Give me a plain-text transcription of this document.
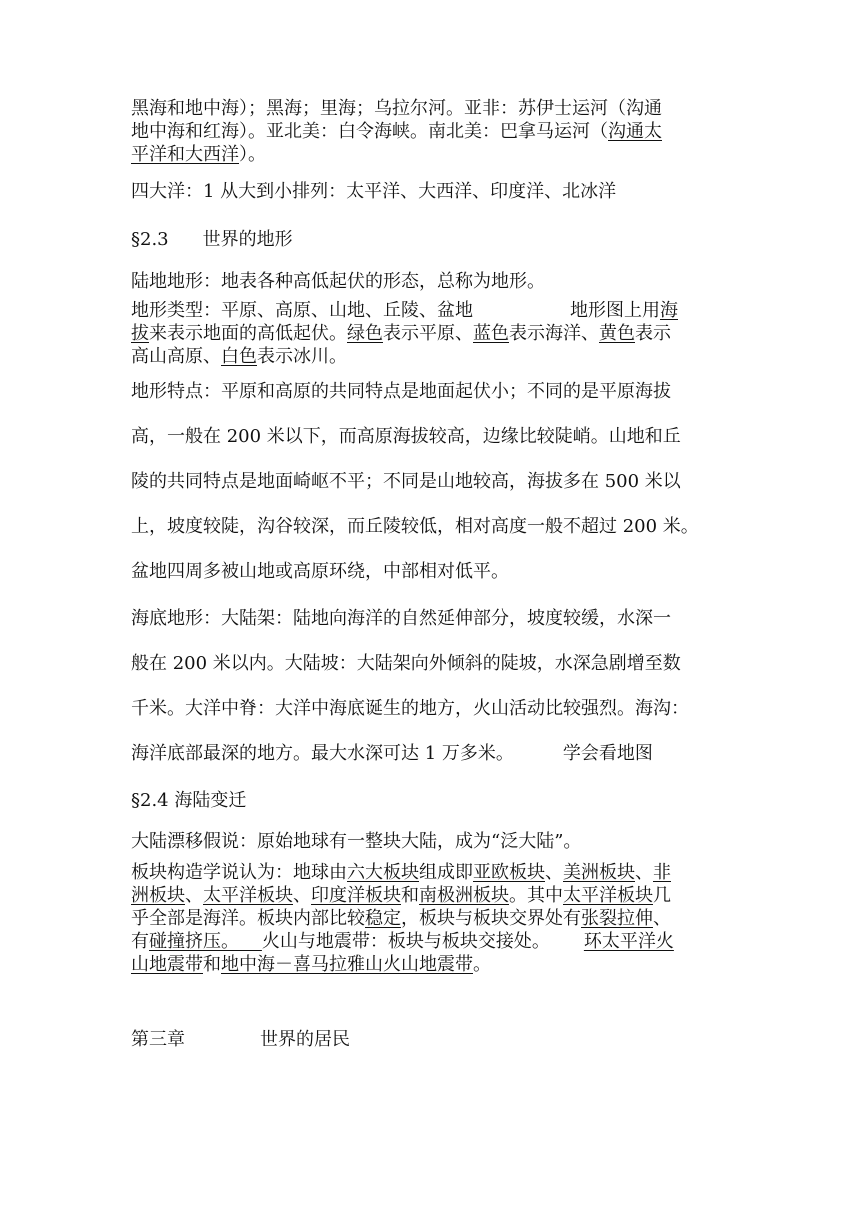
黑海和地中海）；黑海；里海；乌拉尔河。亚非：苏伊士运河（沟通
地中海和红海）。亚北美：白令海峡。南北美：巴拿马运河（沟通太
平洋和大西洋）。
四大洋：1 从大到小排列：太平洋、大西洋、印度洋、北冰洋
§2.3 世界的地形
陆地地形：地表各种高低起伏的形态，总称为地形。
地形类型：平原、高原、山地、丘陵、盆地	地形图上用海
拔来表示地面的高低起伏。绿色表示平原、蓝色表示海洋、黄色表示
高山高原、白色表示冰川。
地形特点：平原和高原的共同特点是地面起伏小；不同的是平原海拔
高，一般在 200 米以下，而高原海拔较高，边缘比较陡峭。山地和丘
陵的共同特点是地面崎岖不平；不同是山地较高，海拔多在 500 米以
上，坡度较陡，沟谷较深，而丘陵较低，相对高度一般不超过 200 米。
盆地四周多被山地或高原环绕，中部相对低平。
海底地形：大陆架：陆地向海洋的自然延伸部分，坡度较缓，水深一
般在 200 米以内。大陆坡：大陆架向外倾斜的陡坡，水深急剧增至数
千米。大洋中脊：大洋中海底诞生的地方，火山活动比较强烈。海沟：
海洋底部最深的地方。最大水深可达 1 万多米。	学会看地图
§2.4 海陆变迁
大陆漂移假说：原始地球有一整块大陆，成为“泛大陆”。
板块构造学说认为：地球由六大板块组成即亚欧板块、美洲板块、非
洲板块、太平洋板块、印度洋板块和南极洲板块。其中太平洋板块几
乎全部是海洋。板块内部比较稳定，板块与板块交界处有张裂拉伸、
有碰撞挤压。 火山与地震带：板块与板块交接处。 环太平洋火
山地震带和地中海－喜马拉雅山火山地震带。
第三章	世界的居民
